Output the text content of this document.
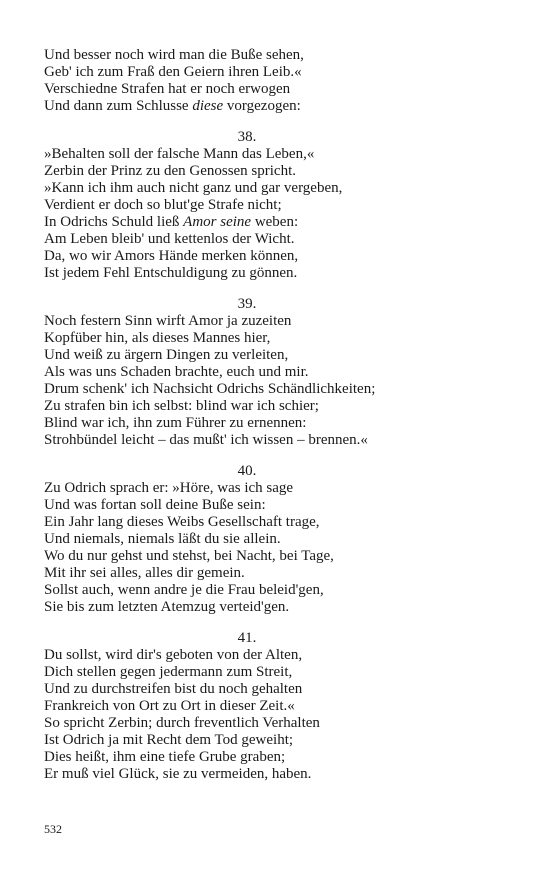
Und besser noch wird man die Buße sehen,
Geb' ich zum Fraß den Geiern ihren Leib.«
Verschiedne Strafen hat er noch erwogen
Und dann zum Schlusse diese vorgezogen:
38.
»Behalten soll der falsche Mann das Leben,«
Zerbin der Prinz zu den Genossen spricht.
»Kann ich ihm auch nicht ganz und gar vergeben,
Verdient er doch so blut'ge Strafe nicht;
In Odrichs Schuld ließ Amor seine weben:
Am Leben bleib' und kettenlos der Wicht.
Da, wo wir Amors Hände merken können,
Ist jedem Fehl Entschuldigung zu gönnen.
39.
Noch festern Sinn wirft Amor ja zuzeiten
Kopfüber hin, als dieses Mannes hier,
Und weiß zu ärgern Dingen zu verleiten,
Als was uns Schaden brachte, euch und mir.
Drum schenk' ich Nachsicht Odrichs Schändlichkeiten;
Zu strafen bin ich selbst: blind war ich schier;
Blind war ich, ihn zum Führer zu ernennen:
Strohbündel leicht – das mußt' ich wissen – brennen.«
40.
Zu Odrich sprach er: »Höre, was ich sage
Und was fortan soll deine Buße sein:
Ein Jahr lang dieses Weibs Gesellschaft trage,
Und niemals, niemals läßt du sie allein.
Wo du nur gehst und stehst, bei Nacht, bei Tage,
Mit ihr sei alles, alles dir gemein.
Sollst auch, wenn andre je die Frau beleid'gen,
Sie bis zum letzten Atemzug verteid'gen.
41.
Du sollst, wird dir's geboten von der Alten,
Dich stellen gegen jedermann zum Streit,
Und zu durchstreifen bist du noch gehalten
Frankreich von Ort zu Ort in dieser Zeit.«
So spricht Zerbin; durch freventlich Verhalten
Ist Odrich ja mit Recht dem Tod geweiht;
Dies heißt, ihm eine tiefe Grube graben;
Er muß viel Glück, sie zu vermeiden, haben.
532
